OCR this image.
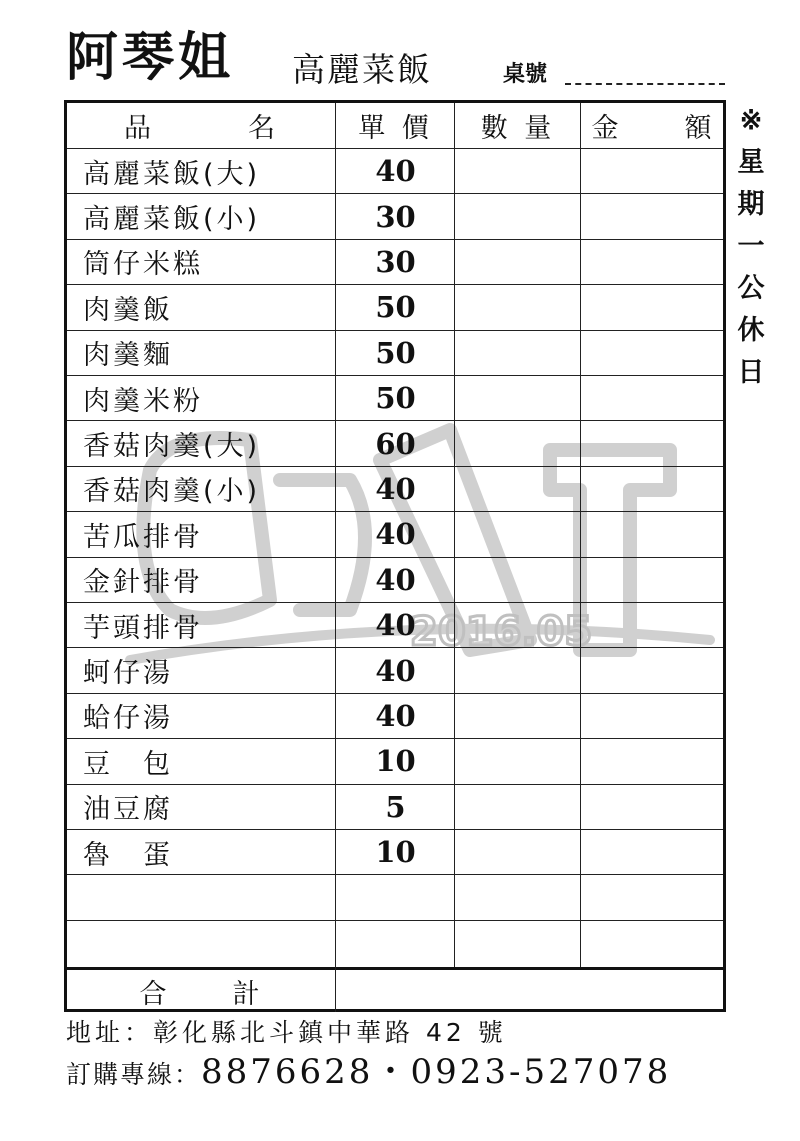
阿琴姐 高麗菜飯	桌號
2016.05
品　　　名	單 價	數 量	金　　額
高麗菜飯(大)	40
高麗菜飯(小)	30
筒仔米糕	30
肉羹飯	50
肉羹麵	50
肉羹米粉	50
香菇肉羹(大)	60
香菇肉羹(小)	40
苦瓜排骨	40
金針排骨	40
芋頭排骨	40
蚵仔湯	40
蛤仔湯	40
豆　包	10
油豆腐	5
魯　蛋	10
合　　計
※
星
期
一
公
休
日
地址：彰化縣北斗鎮中華路 42 號
訂購專線：8876628・0923-527078
